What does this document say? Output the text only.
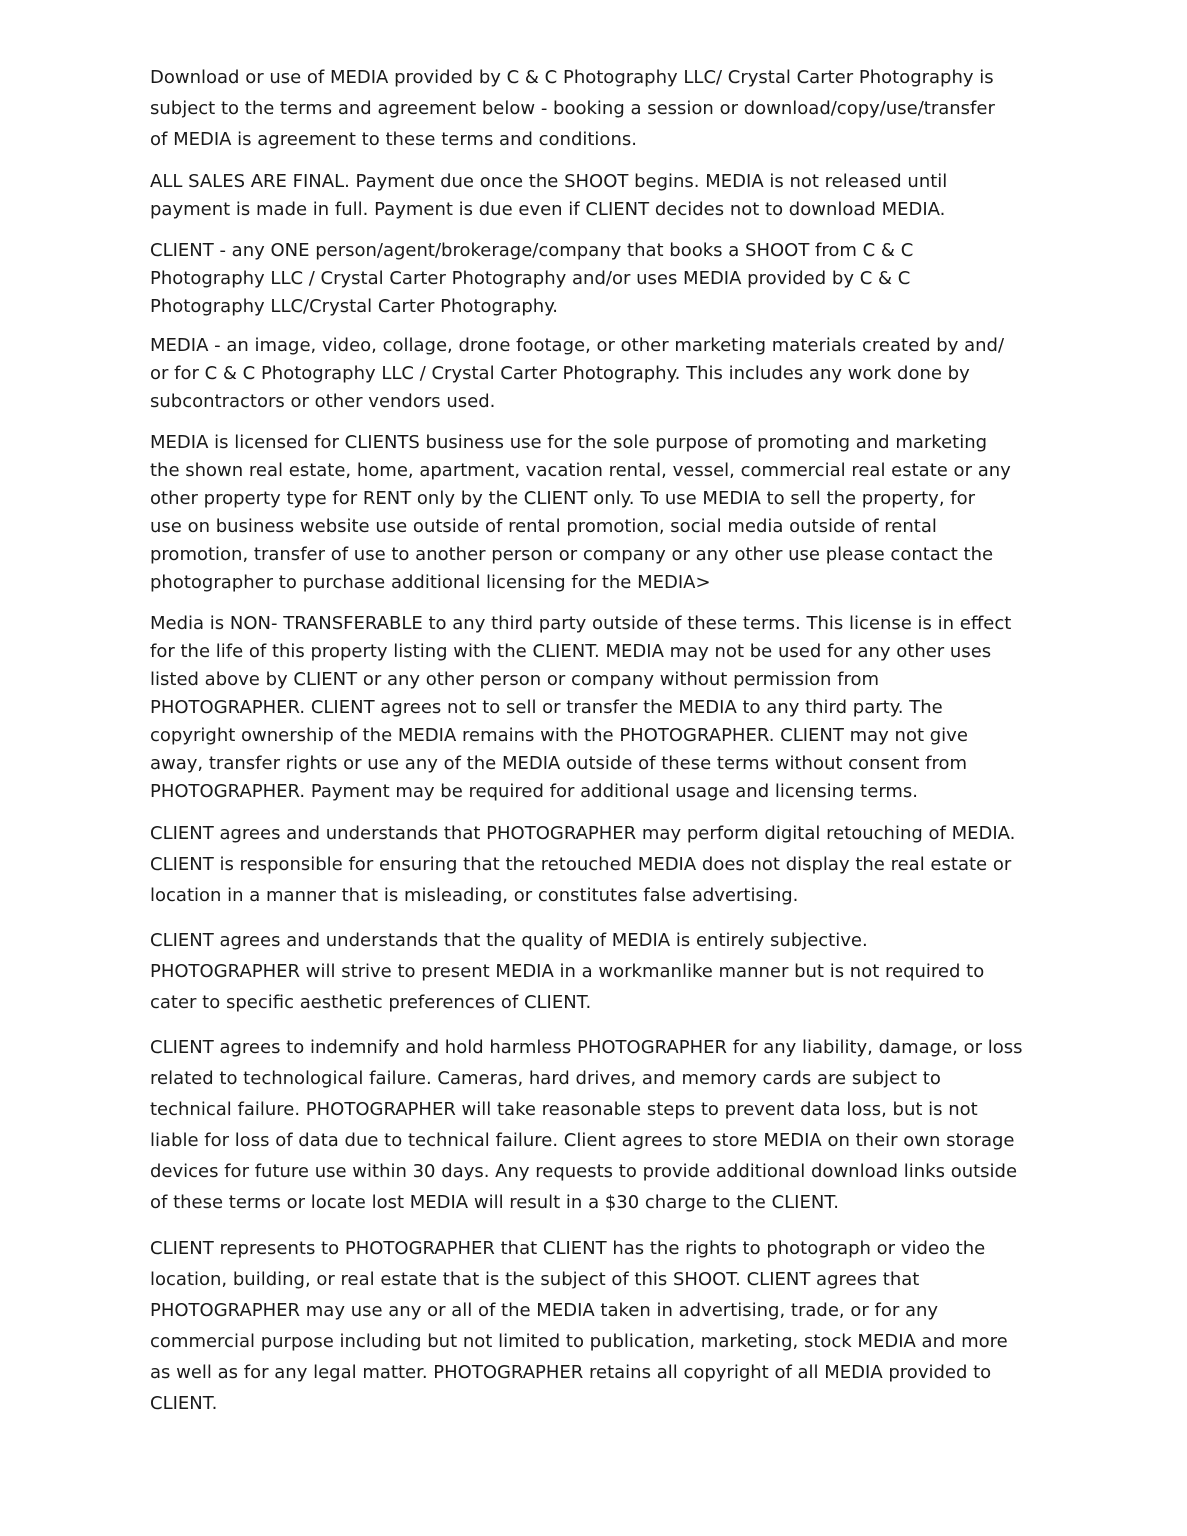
Download or use of MEDIA provided by C & C Photography LLC/ Crystal Carter Photography is
subject to the terms and agreement below - booking a session or download/copy/use/transfer
of MEDIA is agreement to these terms and conditions.

ALL SALES ARE FINAL. Payment due once the SHOOT begins. MEDIA is not released until
payment is made in full. Payment is due even if CLIENT decides not to download MEDIA.

CLIENT - any ONE person/agent/brokerage/company that books a SHOOT from C & C
Photography LLC / Crystal Carter Photography and/or uses MEDIA provided by C & C
Photography LLC/Crystal Carter Photography.

MEDIA - an image, video, collage, drone footage, or other marketing materials created by and/
or for C & C Photography LLC / Crystal Carter Photography. This includes any work done by
subcontractors or other vendors used.

MEDIA is licensed for CLIENTS business use for the sole purpose of promoting and marketing
the shown real estate, home, apartment, vacation rental, vessel, commercial real estate or any
other property type for RENT only by the CLIENT only. To use MEDIA to sell the property, for
use on business website use outside of rental promotion, social media outside of rental
promotion, transfer of use to another person or company or any other use please contact the
photographer to purchase additional licensing for the MEDIA>

Media is NON- TRANSFERABLE to any third party outside of these terms. This license is in effect
for the life of this property listing with the CLIENT. MEDIA may not be used for any other uses
listed above by CLIENT or any other person or company without permission from
PHOTOGRAPHER. CLIENT agrees not to sell or transfer the MEDIA to any third party. The
copyright ownership of the MEDIA remains with the PHOTOGRAPHER. CLIENT may not give
away, transfer rights or use any of the MEDIA outside of these terms without consent from
PHOTOGRAPHER. Payment may be required for additional usage and licensing terms.

CLIENT agrees and understands that PHOTOGRAPHER may perform digital retouching of MEDIA.
CLIENT is responsible for ensuring that the retouched MEDIA does not display the real estate or
location in a manner that is misleading, or constitutes false advertising.

CLIENT agrees and understands that the quality of MEDIA is entirely subjective.
PHOTOGRAPHER will strive to present MEDIA in a workmanlike manner but is not required to
cater to specific aesthetic preferences of CLIENT.

CLIENT agrees to indemnify and hold harmless PHOTOGRAPHER for any liability, damage, or loss
related to technological failure. Cameras, hard drives, and memory cards are subject to
technical failure. PHOTOGRAPHER will take reasonable steps to prevent data loss, but is not
liable for loss of data due to technical failure. Client agrees to store MEDIA on their own storage
devices for future use within 30 days. Any requests to provide additional download links outside
of these terms or locate lost MEDIA will result in a $30 charge to the CLIENT.

CLIENT represents to PHOTOGRAPHER that CLIENT has the rights to photograph or video the
location, building, or real estate that is the subject of this SHOOT. CLIENT agrees that
PHOTOGRAPHER may use any or all of the MEDIA taken in advertising, trade, or for any
commercial purpose including but not limited to publication, marketing, stock MEDIA and more
as well as for any legal matter. PHOTOGRAPHER retains all copyright of all MEDIA provided to
CLIENT.
